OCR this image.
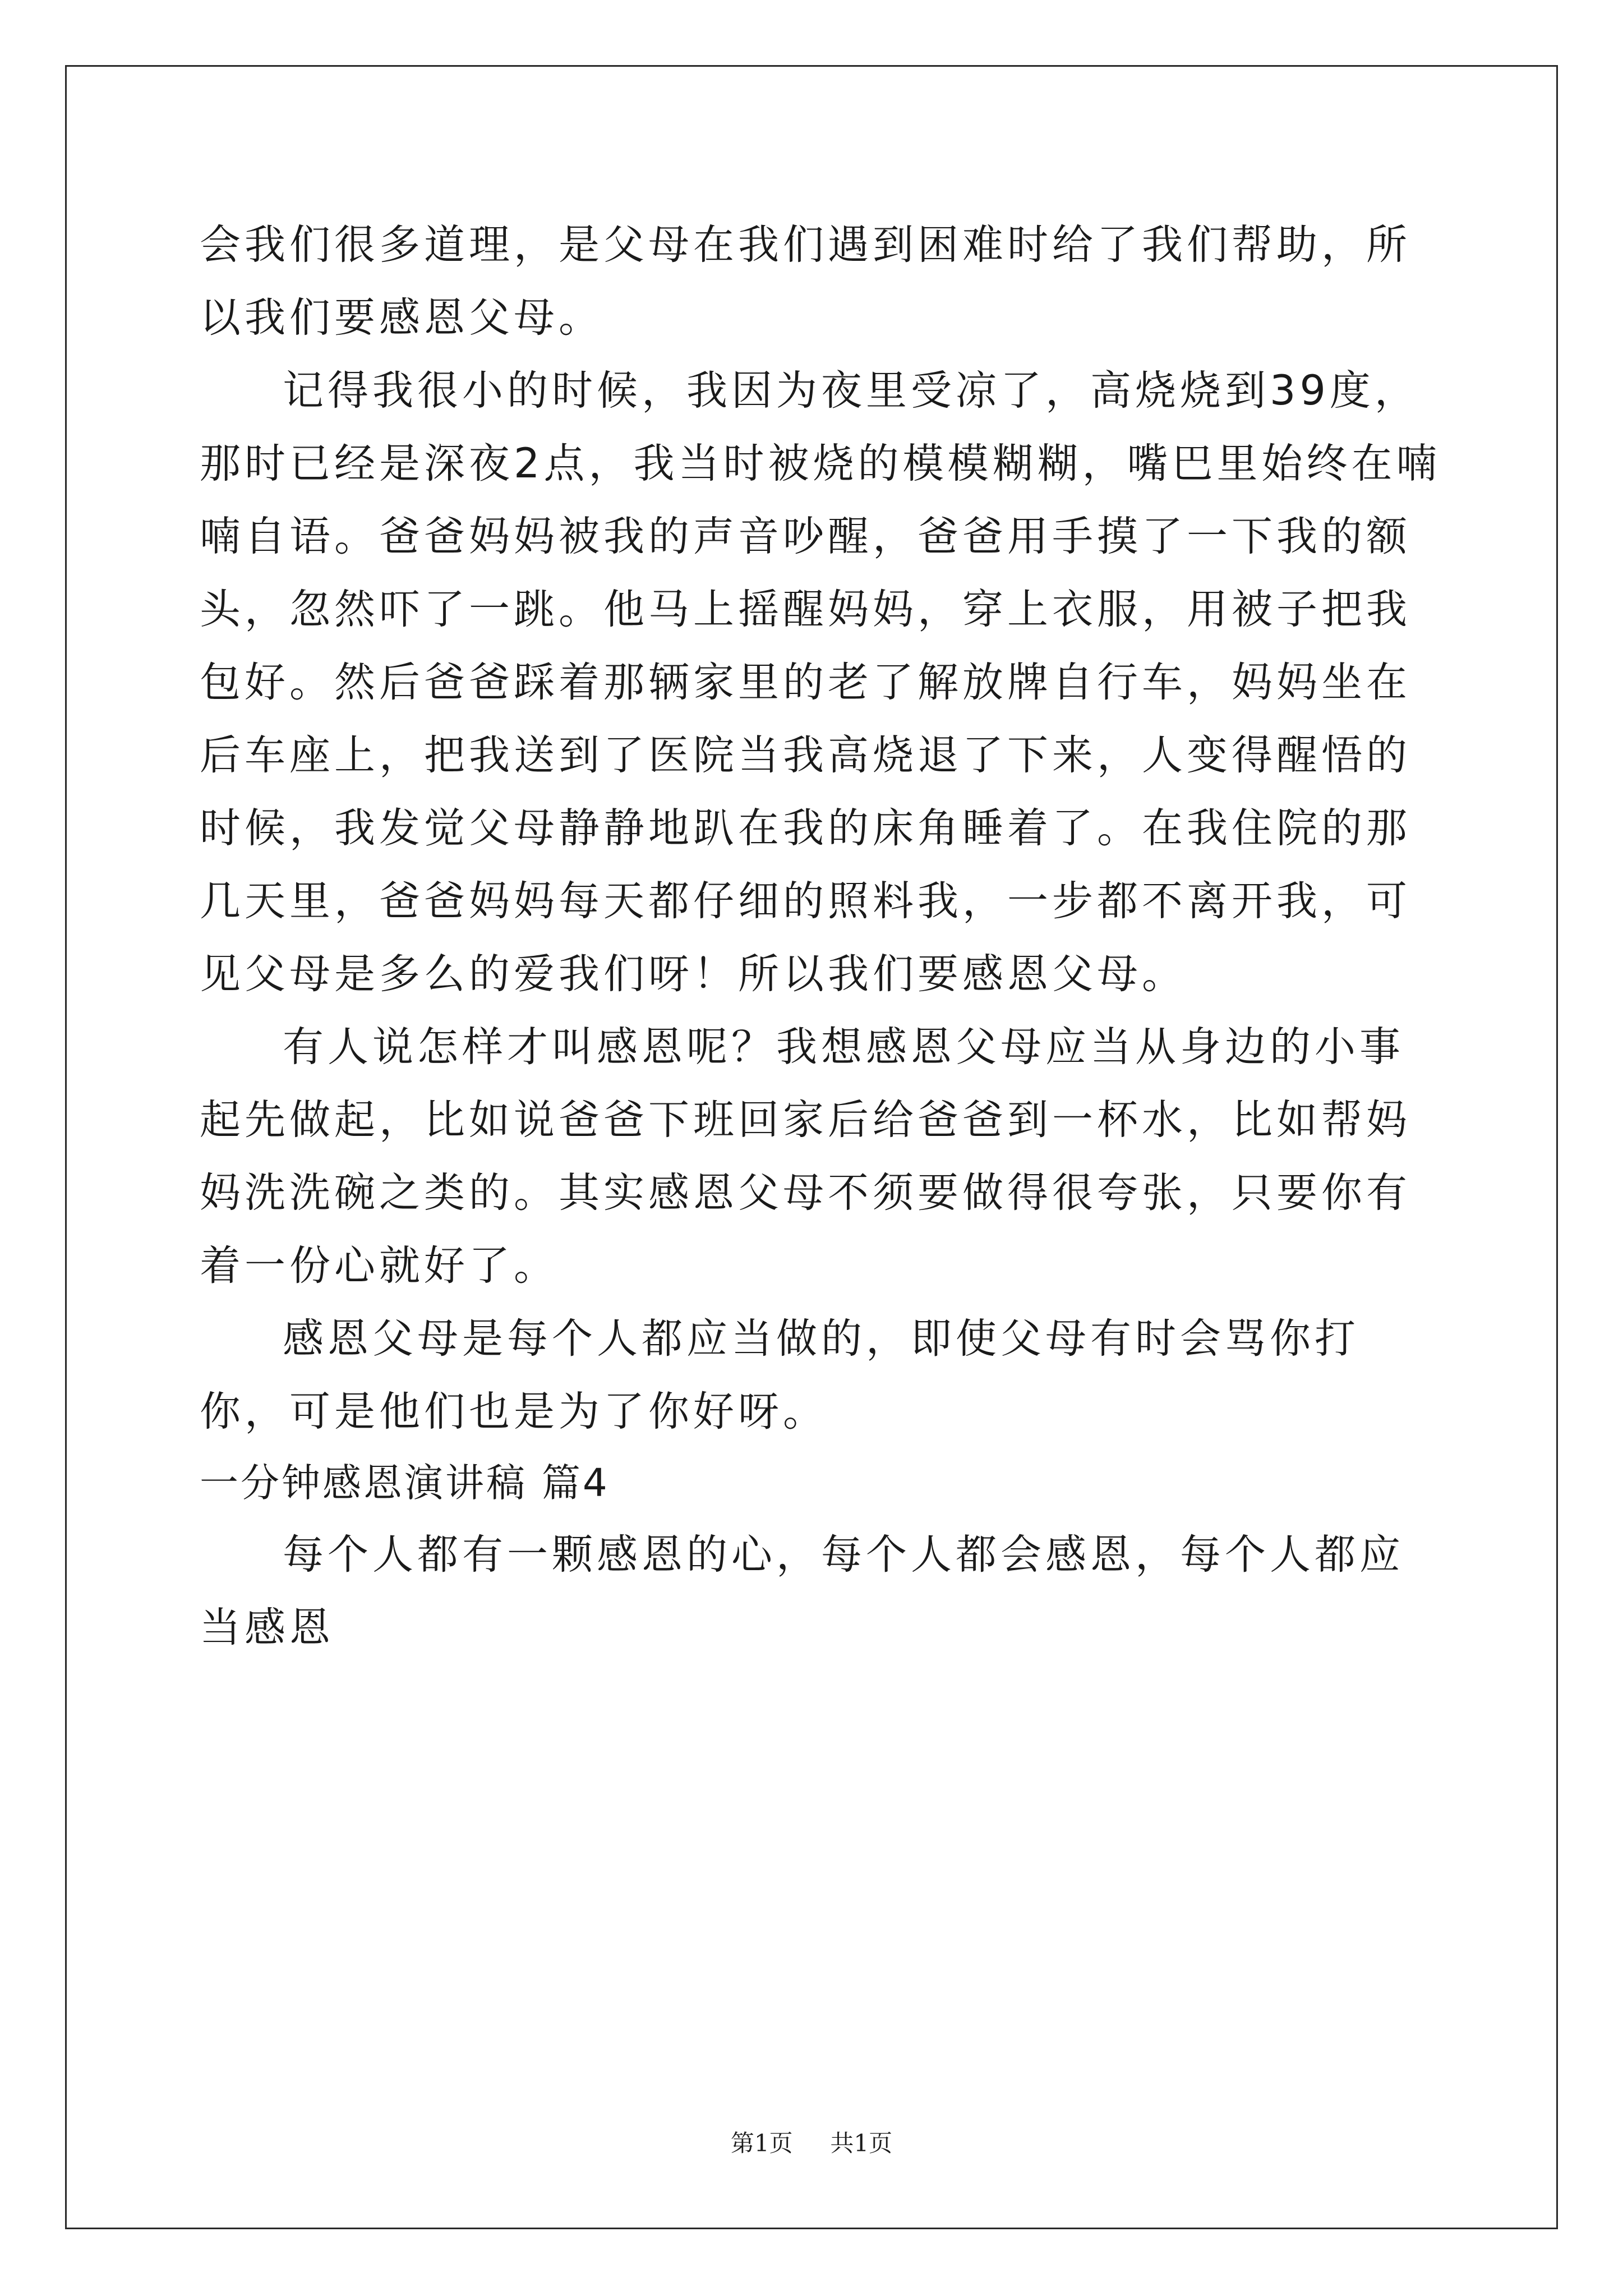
会我们很多道理，是父母在我们遇到困难时给了我们帮助，所以我们要感恩父母。

记得我很小的时候，我因为夜里受凉了，高烧烧到39度，那时已经是深夜2点，我当时被烧的模模糊糊，嘴巴里始终在喃喃自语。爸爸妈妈被我的声音吵醒，爸爸用手摸了一下我的额头，忽然吓了一跳。他马上摇醒妈妈，穿上衣服，用被子把我包好。然后爸爸踩着那辆家里的老了解放牌自行车，妈妈坐在后车座上，把我送到了医院当我高烧退了下来，人变得醒悟的时候，我发觉父母静静地趴在我的床角睡着了。在我住院的那几天里，爸爸妈妈每天都仔细的照料我，一步都不离开我，可见父母是多么的爱我们呀！所以我们要感恩父母。

有人说怎样才叫感恩呢？我想感恩父母应当从身边的小事起先做起，比如说爸爸下班回家后给爸爸到一杯水，比如帮妈妈洗洗碗之类的。其实感恩父母不须要做得很夸张，只要你有着一份心就好了。

感恩父母是每个人都应当做的，即使父母有时会骂你打你，可是他们也是为了你好呀。

一分钟感恩演讲稿 篇4

每个人都有一颗感恩的心，每个人都会感恩，每个人都应当感恩

第1页 共1页
